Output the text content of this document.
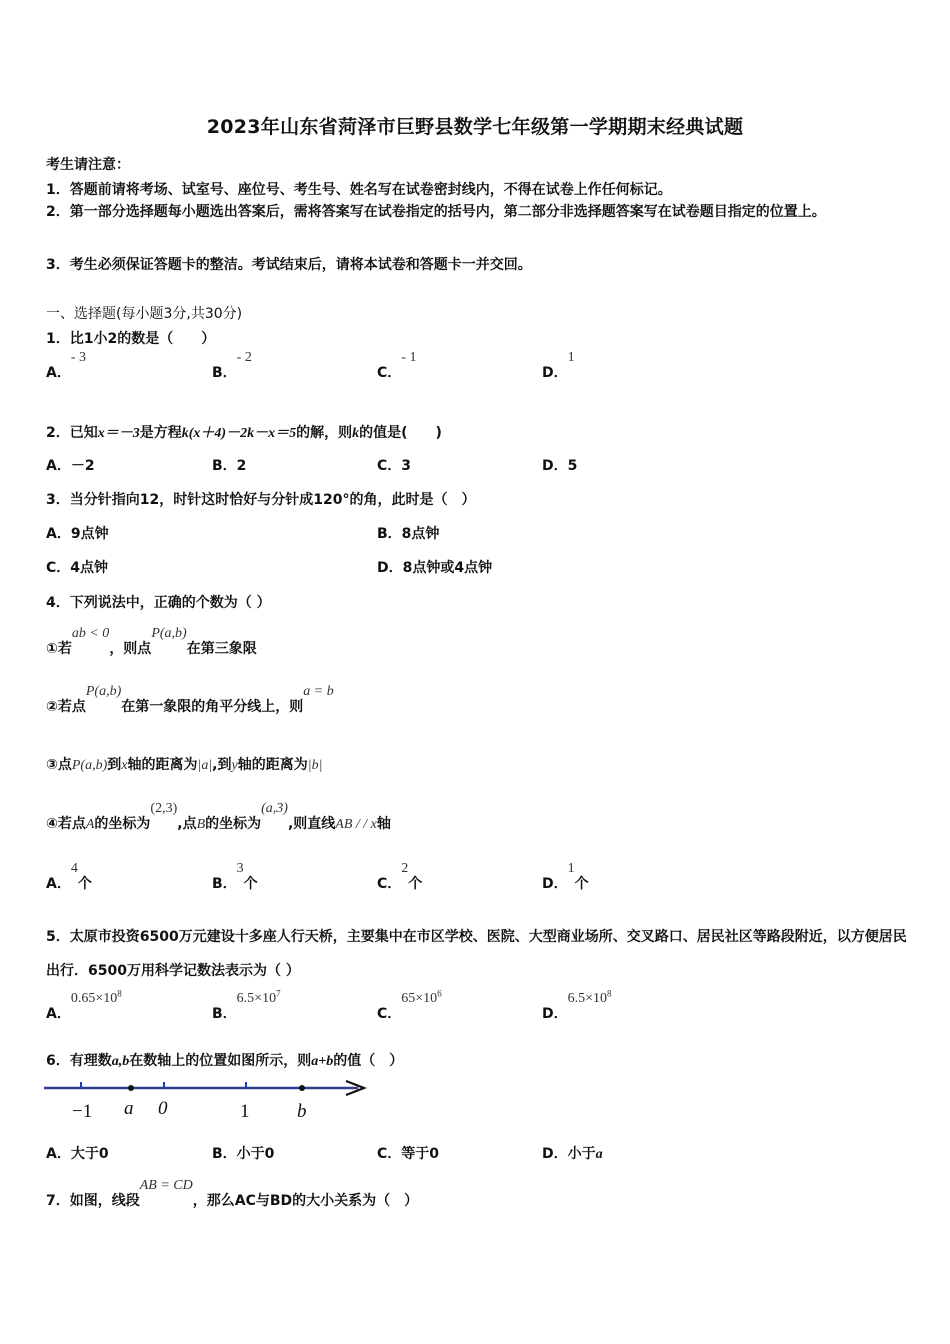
2023年山东省菏泽市巨野县数学七年级第一学期期末经典试题
考生请注意：
1．答题前请将考场、试室号、座位号、考生号、姓名写在试卷密封线内，不得在试卷上作任何标记。
2．第一部分选择题每小题选出答案后，需将答案写在试卷指定的括号内，第二部分非选择题答案写在试卷题目指定的位置上。
3．考生必须保证答题卡的整洁。考试结束后，请将本试卷和答题卡一并交回。
一、选择题(每小题3分,共30分)
1．比1小2的数是（　　）
A．- 3
B．- 2
C．- 1
D．1
2．已知x＝－3是方程k(x＋4)－2k－x＝5的解，则k的值是(　　)
A．－2	B．2	C．3	D．5
3．当分针指向12，时针这时恰好与分针成120°的角，此时是（　）
A．9点钟	B．8点钟
C．4点钟	D．8点钟或4点钟
4．下列说法中，正确的个数为（ ）
①若ab < 0，则点P(a,b)在第三象限
②若点P(a,b)在第一象限的角平分线上，则a = b
③点P(a,b)到x轴的距离为|a|,到y轴的距离为|b|
④若点A的坐标为(2,3),点B的坐标为(a,3),则直线AB / / x轴
A．4个	B．3个	C．2个	D．1个
5．太原市投资6500万元建设十多座人行天桥，主要集中在市区学校、医院、大型商业场所、交叉路口、居民社区等路段附近，以方便居民出行．6500万用科学记数法表示为（ ）
A．$0.65\times 10^8$
B．$6.5\times 10^7$
C．$65\times 10^6$
D．$6.5\times 10^8$
6．有理数a,b在数轴上的位置如图所示，则a+b的值（　）
−1 a 0	1	b
A．大于0	B．小于0	C．等于0	D．小于a
7．如图，线段AB = CD，那么AC与BD的大小关系为（　）
